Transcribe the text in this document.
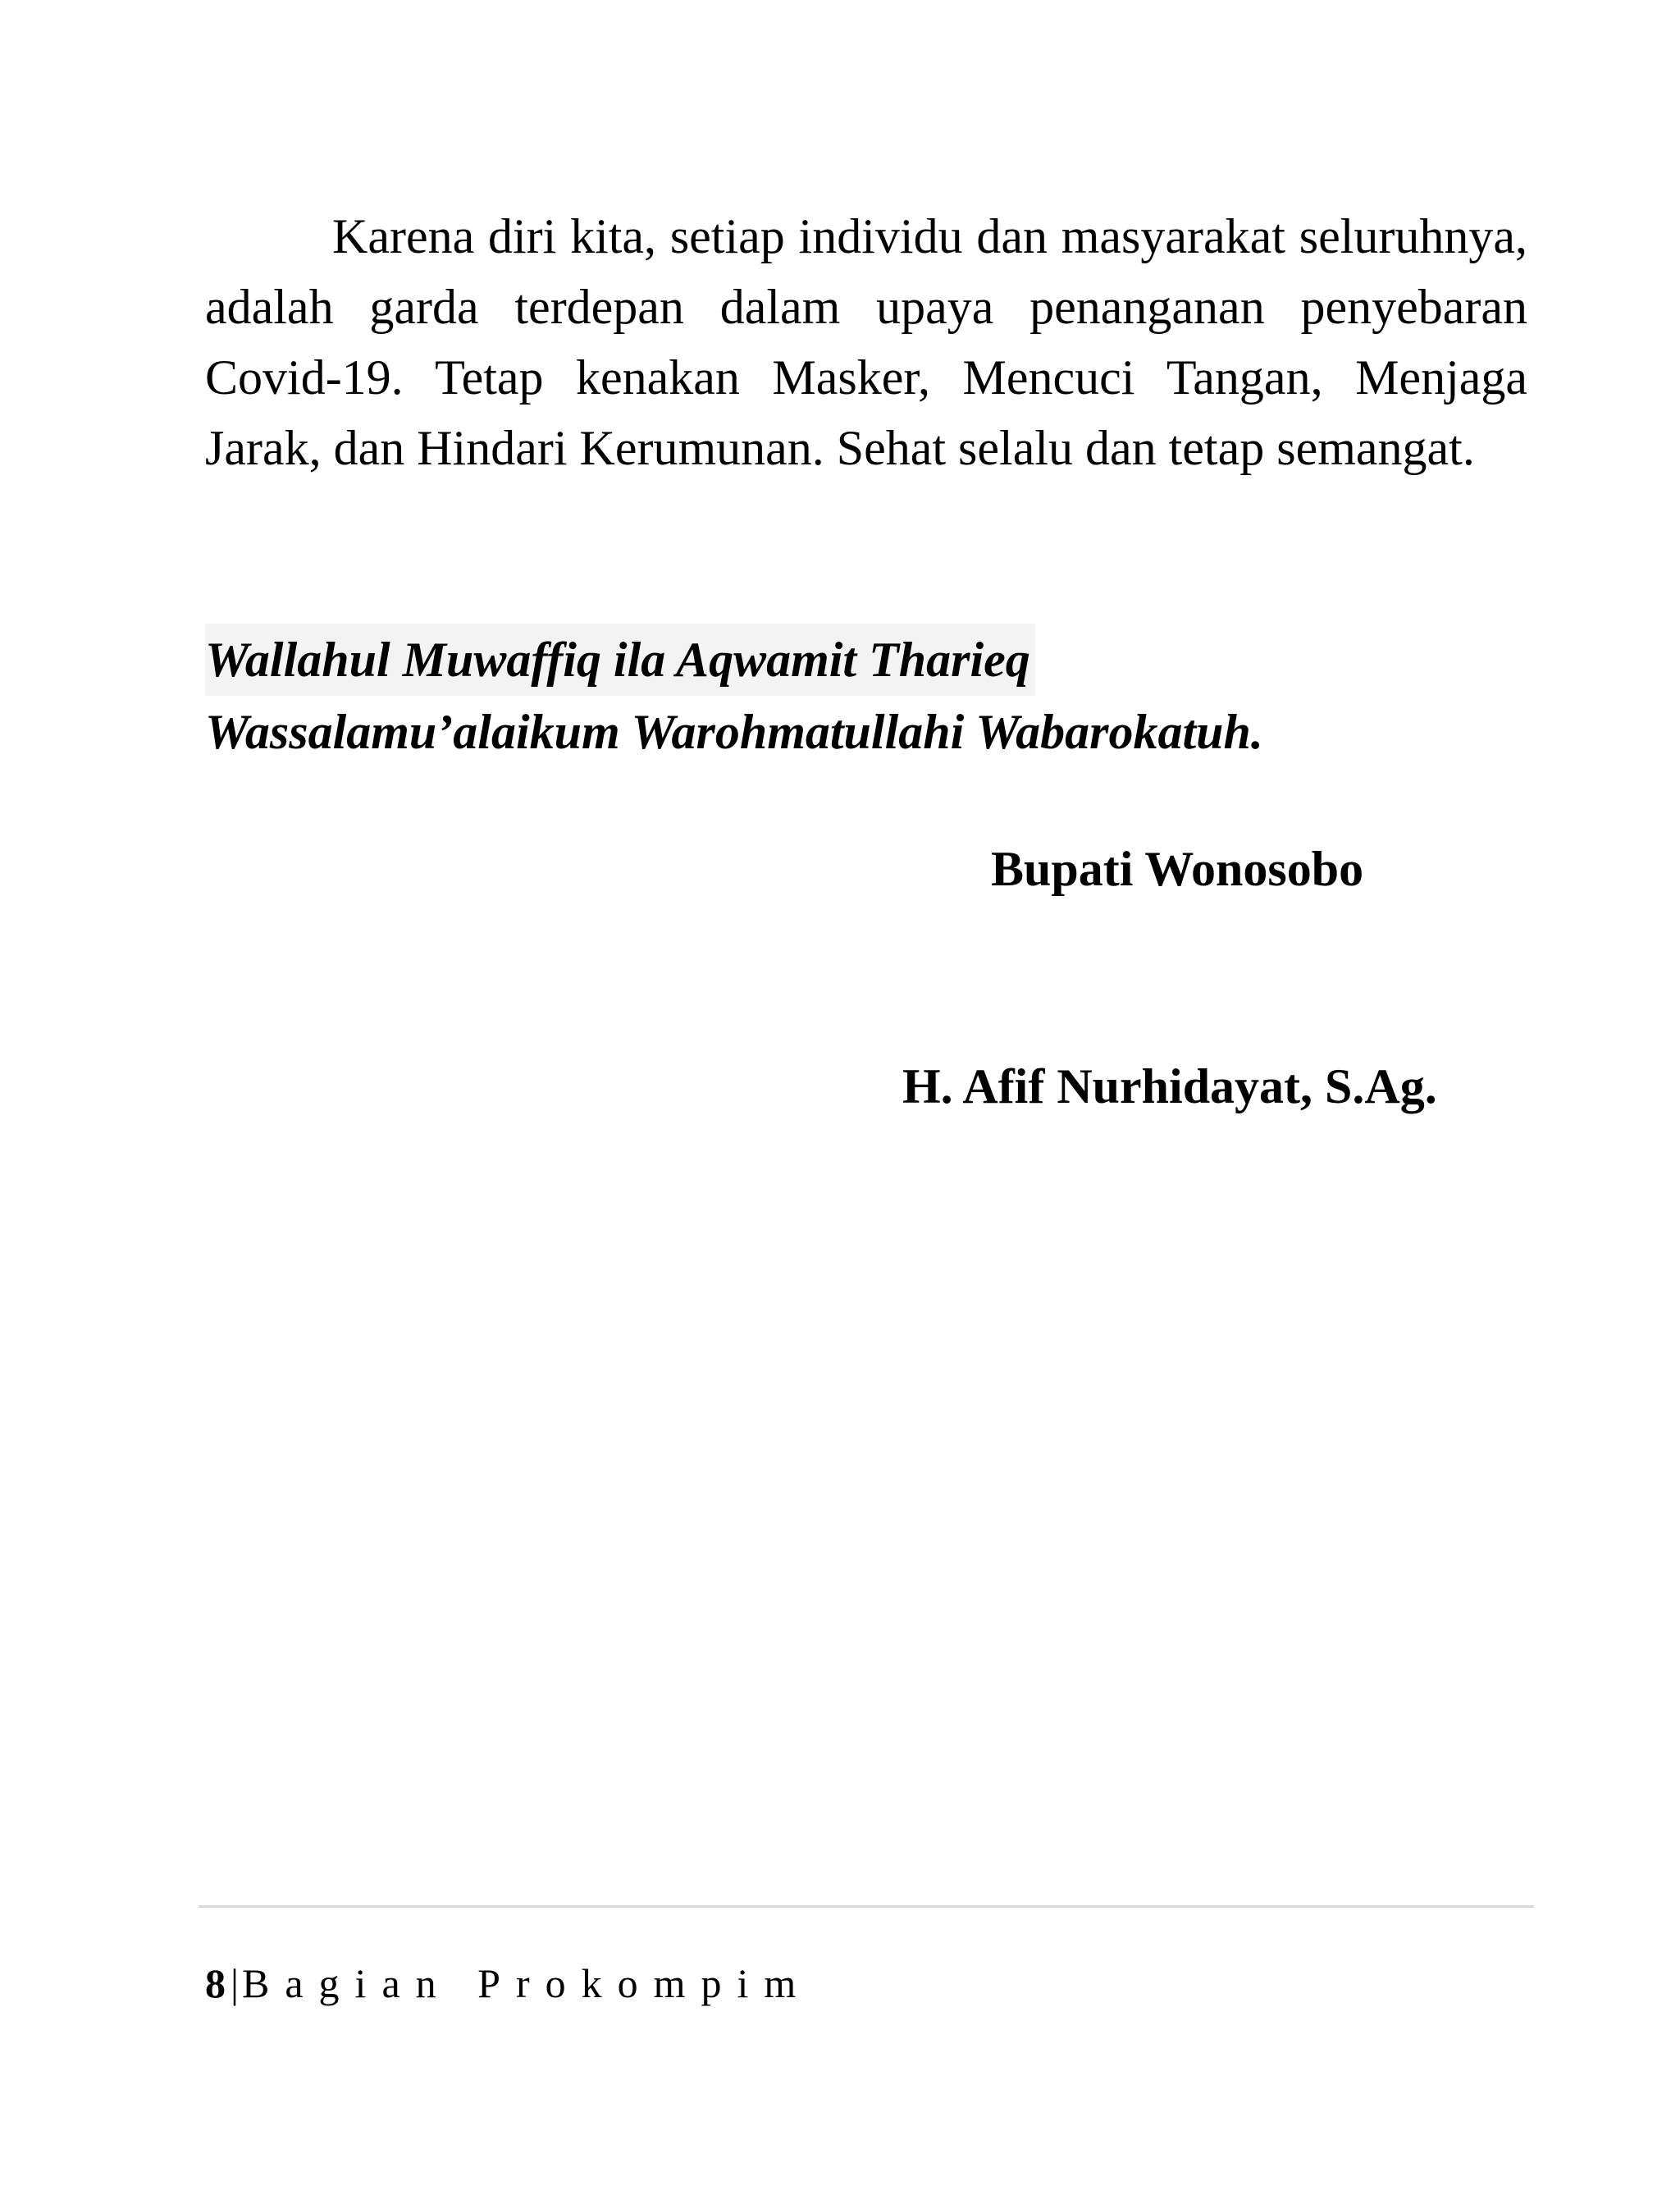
Karena diri kita, setiap individu dan masyarakat seluruhnya, adalah garda terdepan dalam upaya penanganan penyebaran Covid-19. Tetap kenakan Masker, Mencuci Tangan, Menjaga Jarak, dan Hindari Kerumunan. Sehat selalu dan tetap semangat.

Wallahul Muwaffiq ila Aqwamit Tharieq
Wassalamu’alaikum Warohmatullahi Wabarokatuh.

Bupati Wonosobo

H. Afif Nurhidayat, S.Ag.

8 |Bagian Prokompim
